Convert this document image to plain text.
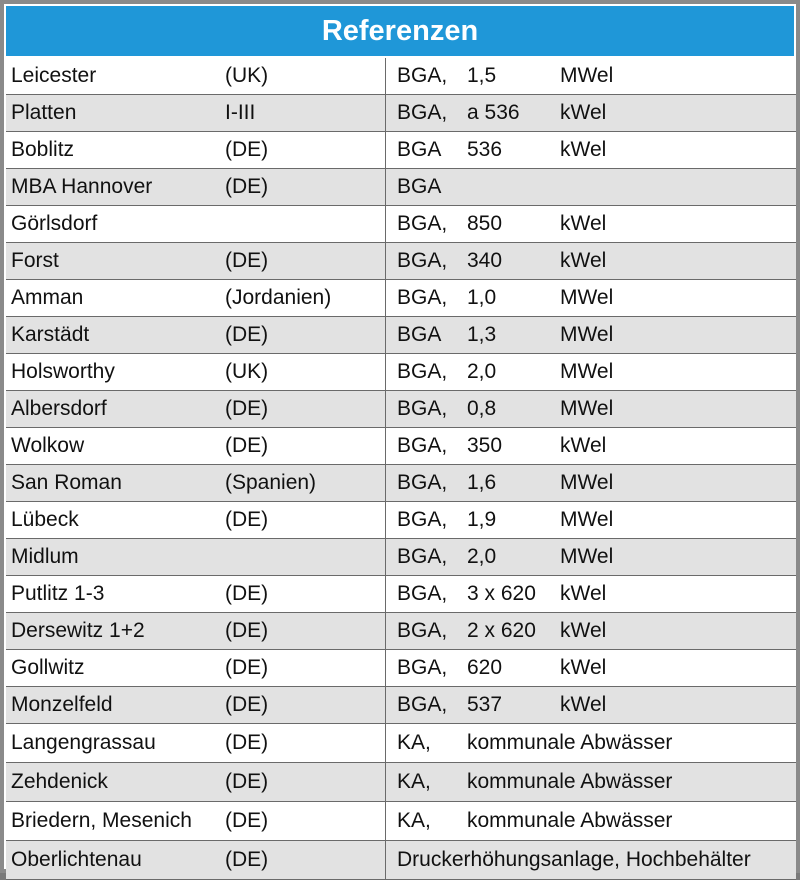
Referenzen
Leicester	(UK)	BGA,	1,5	MWel
Platten	I-III	BGA,	a 536	kWel
Boblitz	(DE)	BGA	536	kWel
MBA Hannover	(DE)	BGA		
Görlsdorf		BGA,	850	kWel
Forst	(DE)	BGA,	340	kWel
Amman	(Jordanien)	BGA,	1,0	MWel
Karstädt	(DE)	BGA	1,3	MWel
Holsworthy	(UK)	BGA,	2,0	MWel
Albersdorf	(DE)	BGA,	0,8	MWel
Wolkow	(DE)	BGA,	350	kWel
San Roman	(Spanien)	BGA,	1,6	MWel
Lübeck	(DE)	BGA,	1,9	MWel
Midlum		BGA,	2,0	MWel
Putlitz 1-3	(DE)	BGA,	3 x 620	kWel
Dersewitz 1+2	(DE)	BGA,	2 x 620	kWel
Gollwitz	(DE)	BGA,	620	kWel
Monzelfeld	(DE)	BGA,	537	kWel
Langengrassau	(DE)	KA,	kommunale Abwässer	
Zehdenick	(DE)	KA,	kommunale Abwässer	
Briedern, Mesenich	(DE)	KA,	kommunale Abwässer	
Oberlichtenau	(DE)	Druckerhöhungsanlage, Hochbehälter		
